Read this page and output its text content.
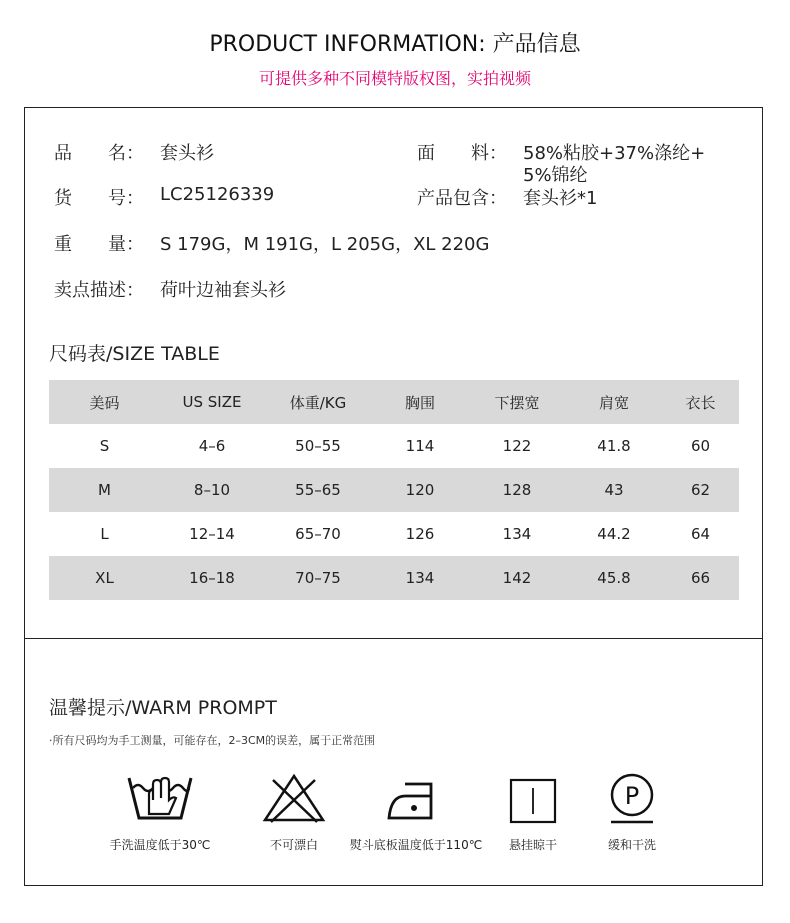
PRODUCT INFORMATION: 产品信息
可提供多种不同模特版权图，实拍视频
品　　名： 套头衫	面　　料： 58%粘胶+37%涤纶+
5%锦纶
货　　号： LC25126339	产品包含： 套头衫*1
重　　量： S 179G，M 191G，L 205G，XL 220G
卖点描述： 荷叶边袖套头衫
尺码表/SIZE TABLE
美码	US SIZE	体重/KG	胸围	下摆宽	肩宽	衣长
S	4–6	50–55	114	122	41.8	60
M	8–10	55–65	120	128	43	62
L	12–14	65–70	126	134	44.2	64
XL	16–18	70–75	134	142	45.8	66
温馨提示/WARM PROMPT
·所有尺码均为手工测量，可能存在，2–3CM的误差，属于正常范围
手洗温度低于30℃	不可漂白	熨斗底板温度低于110℃	悬挂晾干
P
缓和干洗
